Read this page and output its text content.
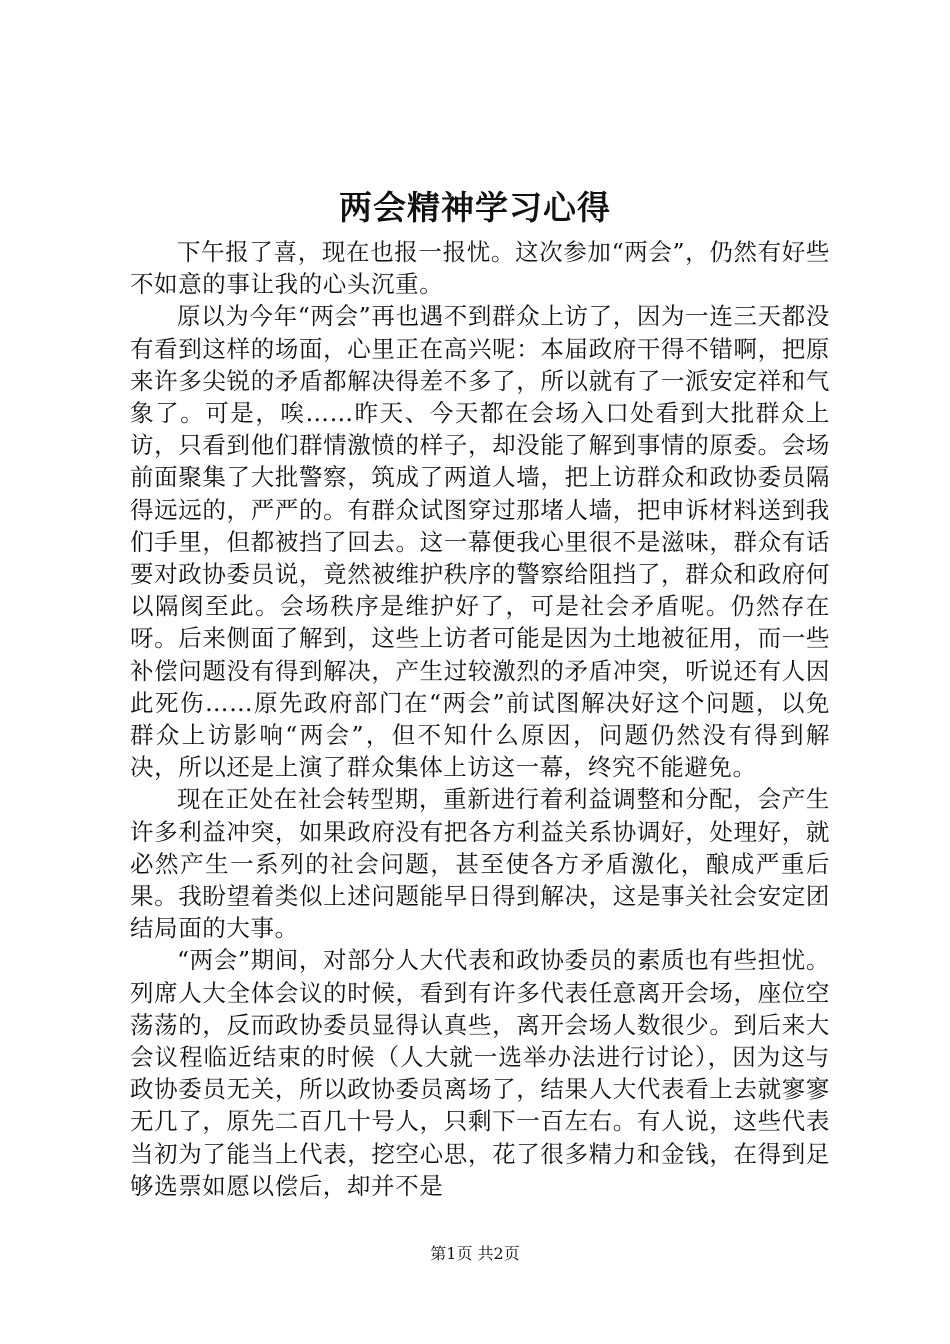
两会精神学习心得

下午报了喜，现在也报一报忧。这次参加“两会”，仍然有好些不如意的事让我的心头沉重。

原以为今年“两会”再也遇不到群众上访了，因为一连三天都没有看到这样的场面，心里正在高兴呢：本届政府干得不错啊，把原来许多尖锐的矛盾都解决得差不多了，所以就有了一派安定祥和气象了。可是，唉……昨天、今天都在会场入口处看到大批群众上访，只看到他们群情激愤的样子，却没能了解到事情的原委。会场前面聚集了大批警察，筑成了两道人墙，把上访群众和政协委员隔得远远的，严严的。有群众试图穿过那堵人墙，把申诉材料送到我们手里，但都被挡了回去。这一幕便我心里很不是滋味，群众有话要对政协委员说，竟然被维护秩序的警察给阻挡了，群众和政府何以隔阂至此。会场秩序是维护好了，可是社会矛盾呢。仍然存在呀。后来侧面了解到，这些上访者可能是因为土地被征用，而一些补偿问题没有得到解决，产生过较激烈的矛盾冲突，听说还有人因此死伤……原先政府部门在“两会”前试图解决好这个问题，以免群众上访影响“两会”，但不知什么原因，问题仍然没有得到解决，所以还是上演了群众集体上访这一幕，终究不能避免。

现在正处在社会转型期，重新进行着利益调整和分配，会产生许多利益冲突，如果政府没有把各方利益关系协调好，处理好，就必然产生一系列的社会问题，甚至使各方矛盾激化，酿成严重后果。我盼望着类似上述问题能早日得到解决，这是事关社会安定团结局面的大事。

“两会”期间，对部分人大代表和政协委员的素质也有些担忧。列席人大全体会议的时候，看到有许多代表任意离开会场，座位空荡荡的，反而政协委员显得认真些，离开会场人数很少。到后来大会议程临近结束的时候（人大就一选举办法进行讨论），因为这与政协委员无关，所以政协委员离场了，结果人大代表看上去就寥寥无几了，原先二百几十号人，只剩下一百左右。有人说，这些代表当初为了能当上代表，挖空心思，花了很多精力和金钱，在得到足够选票如愿以偿后，却并不是

第1页 共2页
